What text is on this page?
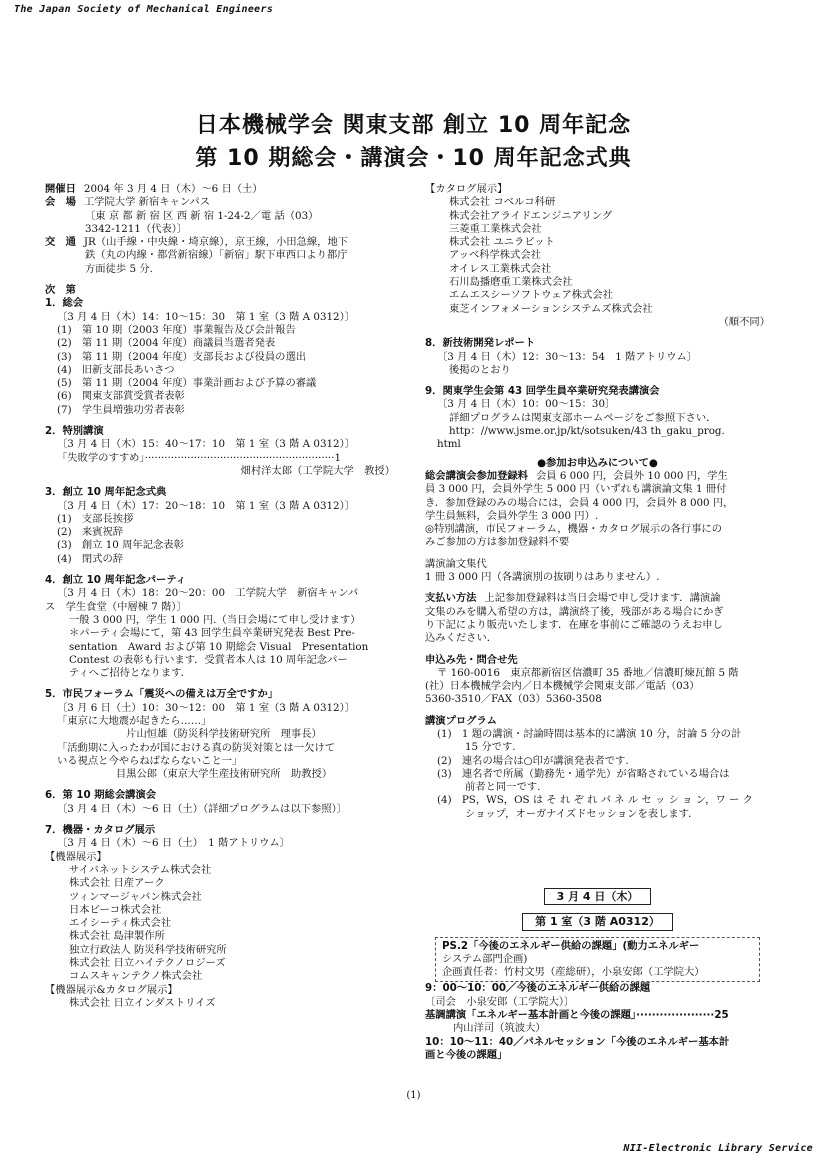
The Japan Society of Mechanical Engineers
日本機械学会 関東支部 創立 10 周年記念
第 10 期総会・講演会・10 周年記念式典
開催日 2004 年 3 月 4 日（木）〜6 日（土）
会　場 工学院大学 新宿キャンパス
〔東 京 都 新 宿 区 西 新 宿 1-24-2／電 話（03）
3342-1211（代表）〕
交　通 JR（山手線・中央線・埼京線），京王線，小田急線，地下
鉄（丸の内線・都営新宿線）「新宿」駅下車西口より都庁
方面徒歩 5 分.
次　第
1．総会
〔3 月 4 日（木）14：10〜15：30　第 1 室（3 階 A 0312）〕
(1)　第 10 期（2003 年度）事業報告及び会計報告
(2)　第 11 期（2004 年度）商議員当選者発表
(3)　第 11 期（2004 年度）支部長および役員の選出
(4)　旧新支部長あいさつ
(5)　第 11 期（2004 年度）事業計画および予算の審議
(6)　関東支部賞受賞者表彰
(7)　学生員増強功労者表彰
2．特別講演
〔3 月 4 日（木）15：40〜17：10　第 1 室（3 階 A 0312）〕
「失敗学のすすめ」··························································1
畑村洋太郎（工学院大学　教授）
3．創立 10 周年記念式典
〔3 月 4 日（木）17：20〜18：10　第 1 室（3 階 A 0312）〕
(1)　支部長挨拶
(2)　来賓祝辞
(3)　創立 10 周年記念表彰
(4)　閉式の辞
4．創立 10 周年記念パーティ
〔3 月 4 日（木）18：20〜20：00　工学院大学　新宿キャンパ
ス　学生食堂（中層棟 7 階）〕
一般 3 000 円，学生 1 000 円.（当日会場にて申し受けます）
＊パーティ会場にて，第 43 回学生員卒業研究発表 Best Pre-
sentation　Award および第 10 期総会 Visual　Presentation
Contest の表彰も行います．受賞者本人は 10 周年記念パー
ティへご招待となります．
5．市民フォーラム「震災への備えは万全ですか」
〔3 月 6 日（土）10：30〜12：00　第 1 室（3 階 A 0312）〕
「東京に大地震が起きたら……」
　　　　片山恒雄（防災科学技術研究所　理事長）
「活動期に入ったわが国における真の防災対策とは一欠けて
いる視点と今やらねばならないこと一」
　　　目黒公郎（東京大学生産技術研究所　助教授）
6．第 10 期総会講演会
〔3 月 4 日（木）〜6 日（土）（詳細プログラムは以下参照）〕
7．機器・カタログ展示
〔3 月 4 日（木）〜6 日（土）　1 階アトリウム〕
【機器展示】
サイバネットシステム株式会社
株式会社 日産アーク
ツィンマージャパン株式会社
日本ビーコ株式会社
エイシーティ株式会社
株式会社 島津製作所
独立行政法人 防災科学技術研究所
株式会社 日立ハイテクノロジーズ
コムスキャンテクノ株式会社
【機器展示&カタログ展示】
株式会社 日立インダストリイズ
【カタログ展示】
株式会社 コベルコ科研
株式会社アライドエンジニアリング
三菱重工業株式会社
株式会社 ユニラビット
アッベ科学株式会社
オイレス工業株式会社
石川島播磨重工業株式会社
エムエスシーソフトウェア株式会社
東芝インフォメーションシステムズ株式会社
（順不同）
8．新技術開発レポート
〔3 月 4 日（木）12：30〜13：54　1 階アトリウム〕
後掲のとおり
9．関東学生会第 43 回学生員卒業研究発表講演会
〔3 月 4 日（木）10：00〜15：30〕
詳細プログラムは関東支部ホームページをご参照下さい．
http：//www.jsme.or.jp/kt/sotsuken/43 th_gaku_prog.
html
●参加お申込みについて●
総会講演会参加登録料 会員 6 000 円，会員外 10 000 円，学生
員 3 000 円，会員外学生 5 000 円（いずれも講演論文集 1 冊付
き．参加登録のみの場合には，会員 4 000 円，会員外 8 000 円，
学生員無料，会員外学生 3 000 円）.
◎特別講演，市民フォーラム，機器・カタログ展示の各行事にの
みご参加の方は参加登録料不要
講演論文集代
1 冊 3 000 円（各講演別の抜刷りはありません）.
支払い方法 上記参加登録料は当日会場で申し受けます．講演論
文集のみを購入希望の方は，講演終了後，残部がある場合にかぎ
り下記により販売いたします．在庫を事前にご確認のうえお申し
込みください．
申込み先・問合せ先
〒 160-0016　東京都新宿区信濃町 35 番地／信濃町煉瓦館 5 階
(社）日本機械学会内／日本機械学会関東支部／電話（03）
5360-3510／FAX（03）5360-3508
講演プログラム
(1)　1 題の講演・討論時間は基本的に講演 10 分，討論 5 分の計
15 分です.
(2)　連名の場合は○印が講演発表者です.
(3)　連名者で所属（勤務先・通学先）が省略されている場合は
前者と同一です.
(4)　PS，WS，OS は そ れ ぞ れ パ ネ ル セ ッ シ ョ ン，ワ ー ク
ショップ，オーガナイズドセッションを表します．
3 月 4 日（木）
第 1 室（3 階 A0312）
PS.2「今後のエネルギー供給の課題」(動力エネルギー
システム部門企画)
企画責任者：竹村文男（産総研），小泉安郎（工学院大）
9：00〜10：00／今後のエネルギー供給の課題
〔司会　小泉安郎（工学院大）〕
基調講演「エネルギー基本計画と今後の課題」····················25
内山洋司（筑波大）
10：10〜11：40／パネルセッション「今後のエネルギー基本計
画と今後の課題」
(1)
NII-Electronic Library Service
